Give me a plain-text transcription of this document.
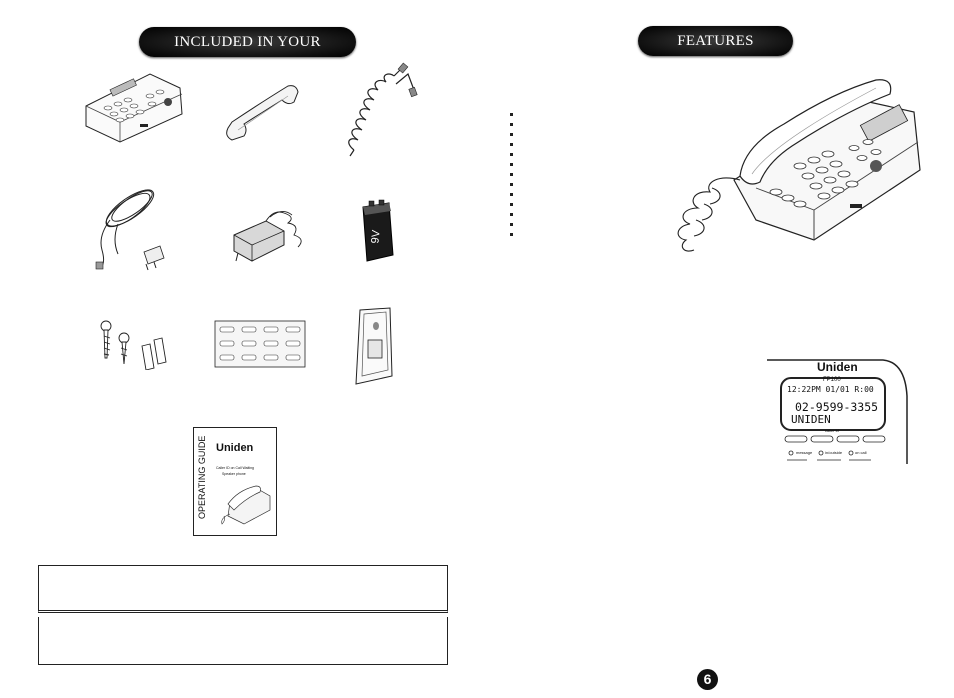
INCLUDED IN YOUR PACKAGE
9V
OPERATING GUIDE Uniden
Caller ID on Call Waiting
Speaker phone
FEATURES
Uniden
FP100
12:22PM 01/01 R:00
02-9599-3355
UNIDEN
caller id
message	in/outside	on call
6
